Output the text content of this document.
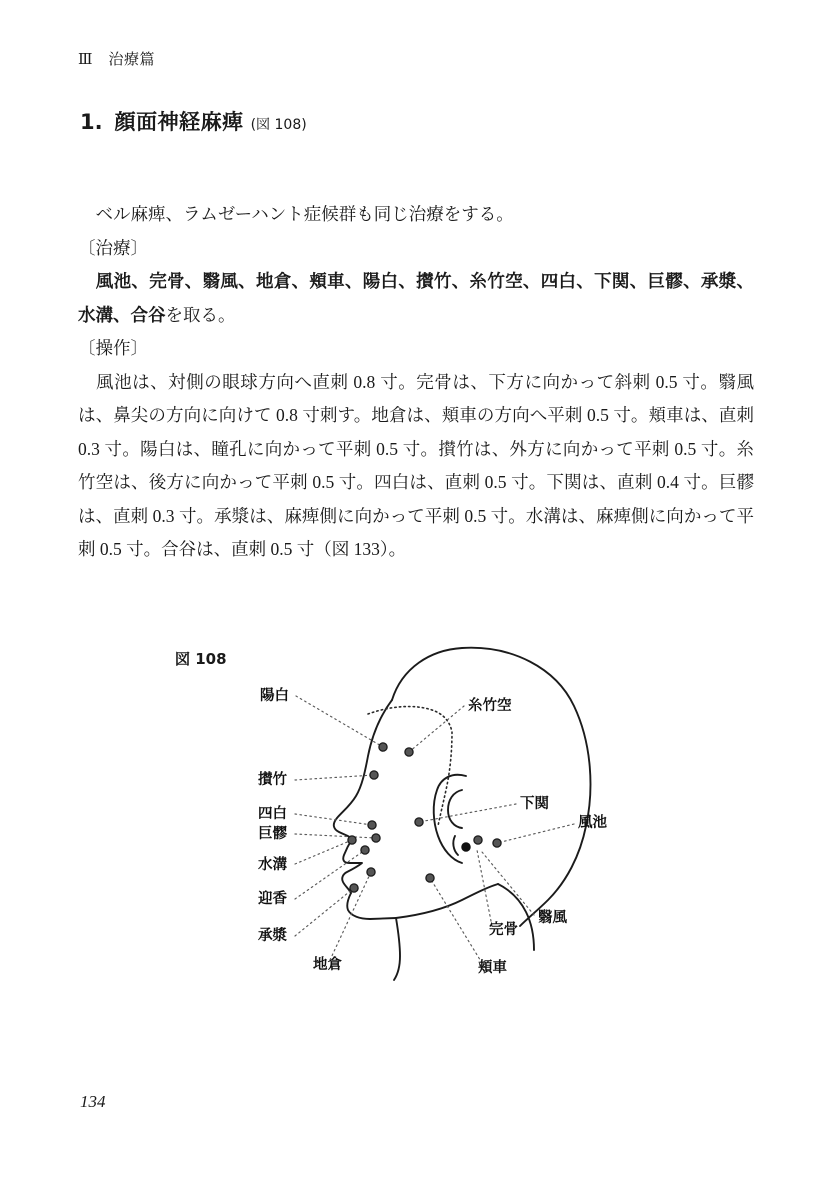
Ⅲ　治療篇
1. 顔面神経麻痺 (図 108)

　ベル麻痺、ラムゼーハント症候群も同じ治療をする。

〔治療〕

　風池、完骨、翳風、地倉、頬車、陽白、攅竹、糸竹空、四白、下関、巨髎、承漿、水溝、合谷を取る。

〔操作〕

　風池は、対側の眼球方向へ直刺 0.8 寸。完骨は、下方に向かって斜刺 0.5 寸。翳風は、鼻尖の方向に向けて 0.8 寸刺す。地倉は、頬車の方向へ平刺 0.5 寸。頬車は、直刺 0.3 寸。陽白は、瞳孔に向かって平刺 0.5 寸。攅竹は、外方に向かって平刺 0.5 寸。糸竹空は、後方に向かって平刺 0.5 寸。四白は、直刺 0.5 寸。下関は、直刺 0.4 寸。巨髎は、直刺 0.3 寸。承漿は、麻痺側に向かって平刺 0.5 寸。水溝は、麻痺側に向かって平刺 0.5 寸。合谷は、直刺 0.5 寸（図 133）。

図 108
陽白
糸竹空
攅竹
下関
四白
風池
巨髎
水溝
迎香
翳風
承漿	完骨
地倉	頬車
134
